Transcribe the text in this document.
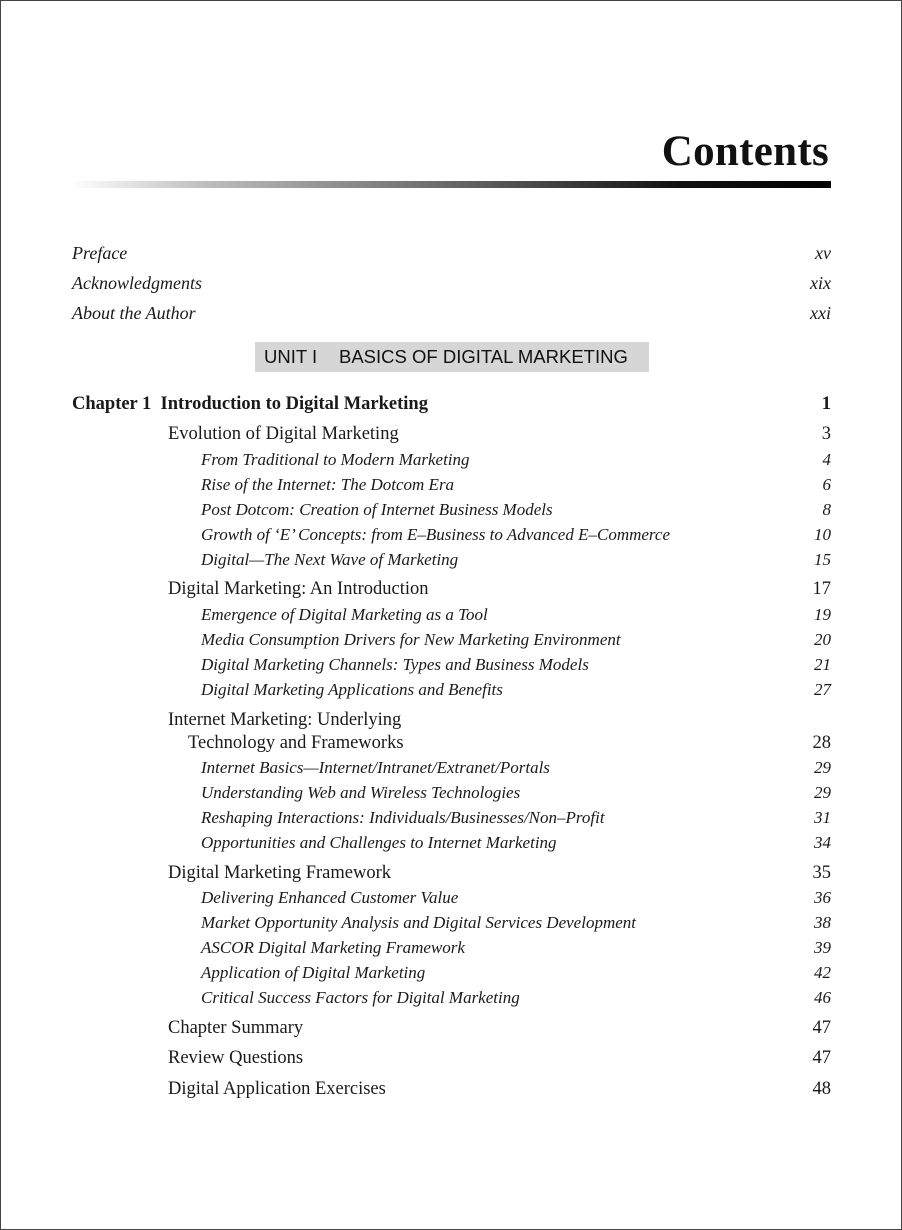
Contents
Preface	xv
Acknowledgments	xix
About the Author	xxi
Chapter 1  Introduction to Digital Marketing	1
Evolution of Digital Marketing	3
From Traditional to Modern Marketing	4
Rise of the Internet: The Dotcom Era	6
Post Dotcom: Creation of Internet Business Models	8
Growth of ‘E’ Concepts: from E–Business to Advanced E–Commerce	10
Digital—The Next Wave of Marketing	15
Digital Marketing: An Introduction	17
Emergence of Digital Marketing as a Tool	19
Media Consumption Drivers for New Marketing Environment	20
Digital Marketing Channels: Types and Business Models	21
Digital Marketing Applications and Benefits	27
Internet Marketing: Underlying
Technology and Frameworks	28
Internet Basics—Internet/Intranet/Extranet/Portals	29
Understanding Web and Wireless Technologies	29
Reshaping Interactions: Individuals/Businesses/Non–Profit	31
Opportunities and Challenges to Internet Marketing	34
Digital Marketing Framework	35
Delivering Enhanced Customer Value	36
Market Opportunity Analysis and Digital Services Development	38
ASCOR Digital Marketing Framework	39
Application of Digital Marketing	42
Critical Success Factors for Digital Marketing	46
Chapter Summary	47
Review Questions	47
Digital Application Exercises	48
UNIT I BASICS OF DIGITAL MARKETING
